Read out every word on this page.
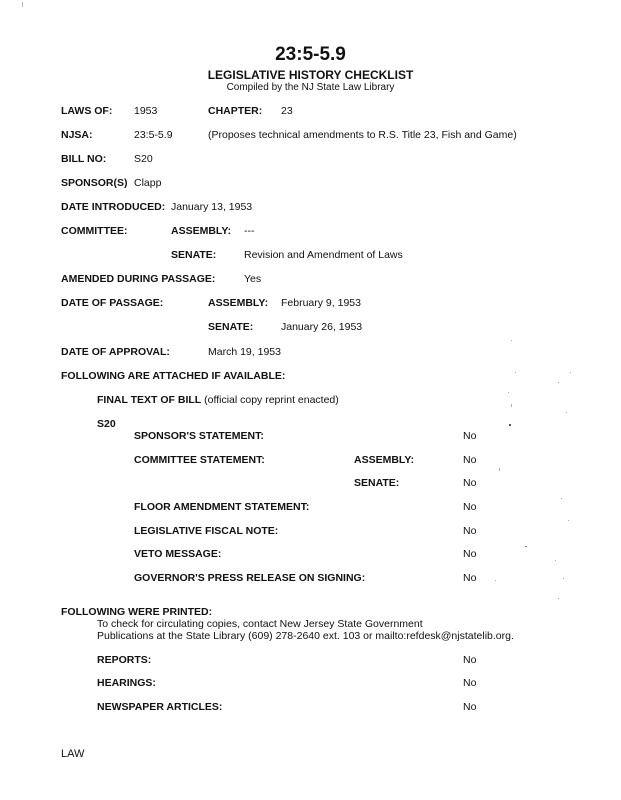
23:5-5.9
LEGISLATIVE HISTORY CHECKLIST
Compiled by the NJ State Law Library
LAWS OF: 1953	CHAPTER: 23
NJSA:	23:5-5.9	(Proposes technical amendments to R.S. Title 23, Fish and Game)
BILL NO:	S20
SPONSOR(S) Clapp
DATE INTRODUCED: January 13, 1953
COMMITTEE:	ASSEMBLY: ---
SENATE:	Revision and Amendment of Laws
AMENDED DURING PASSAGE:	Yes
DATE OF PASSAGE:	ASSEMBLY: February 9, 1953
SENATE:	January 26, 1953
DATE OF APPROVAL:	March 19, 1953
FOLLOWING ARE ATTACHED IF AVAILABLE:
FINAL TEXT OF BILL (official copy reprint enacted)
S20
SPONSOR'S STATEMENT:	No
COMMITTEE STATEMENT:	ASSEMBLY:	No
SENATE:	No
FLOOR AMENDMENT STATEMENT:	No
LEGISLATIVE FISCAL NOTE:	No
VETO MESSAGE:	No
GOVERNOR'S PRESS RELEASE ON SIGNING:	No
FOLLOWING WERE PRINTED:
To check for circulating copies, contact New Jersey State Government
Publications at the State Library (609) 278-2640 ext. 103 or mailto:refdesk@njstatelib.org.
REPORTS:	No
HEARINGS:	No
NEWSPAPER ARTICLES:	No
LAW
